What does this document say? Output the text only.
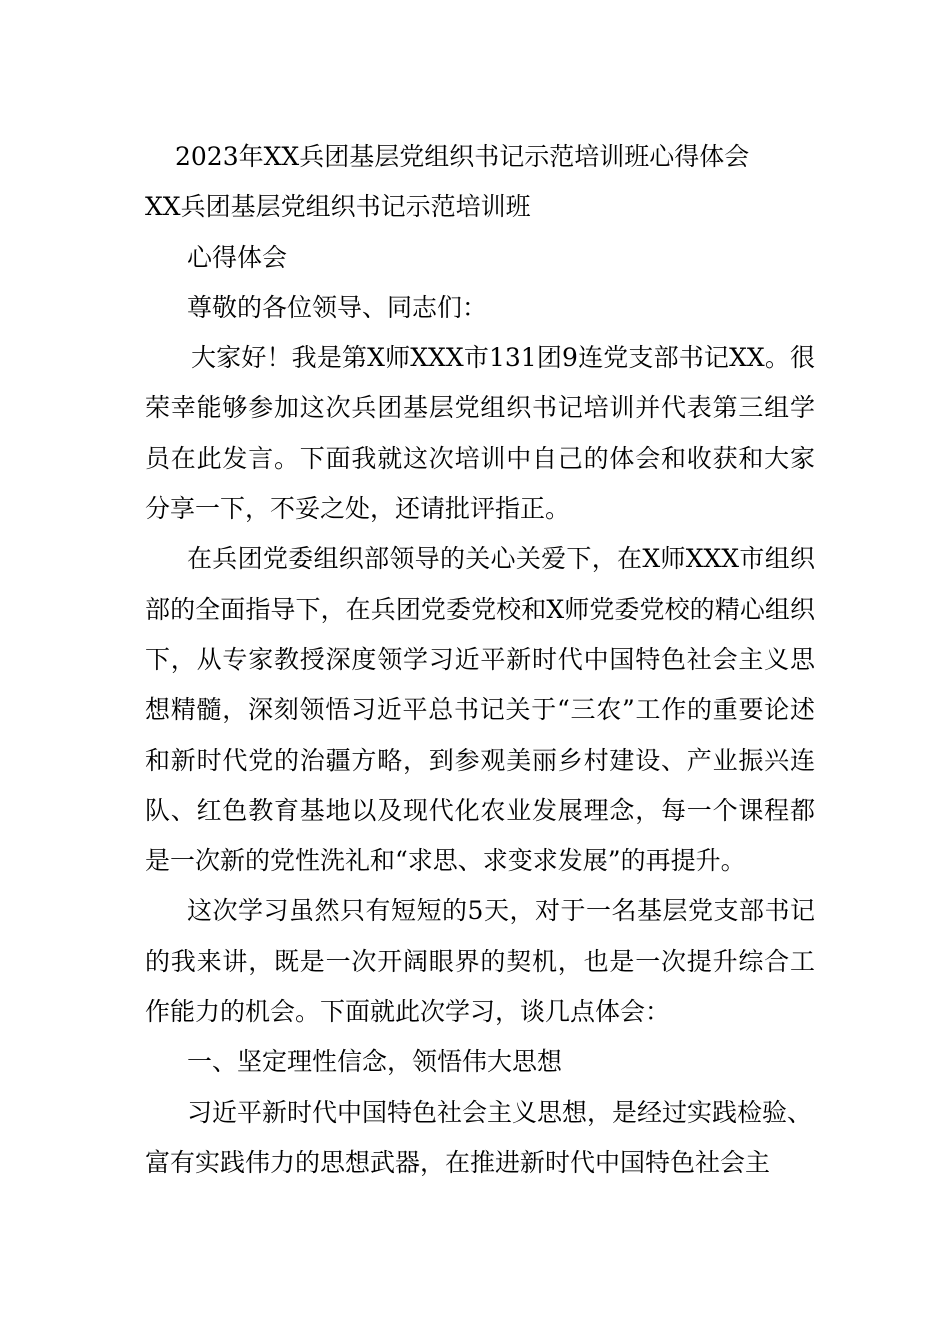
2023年XX兵团基层党组织书记示范培训班心得体会

XX兵团基层党组织书记示范培训班

心得体会

尊敬的各位领导、同志们：

大家好！我是第X师XXX市131团9连党支部书记XX。很荣幸能够参加这次兵团基层党组织书记培训并代表第三组学员在此发言。下面我就这次培训中自己的体会和收获和大家分享一下，不妥之处，还请批评指正。

在兵团党委组织部领导的关心关爱下，在X师XXX市组织部的全面指导下，在兵团党委党校和X师党委党校的精心组织下，从专家教授深度领学习近平新时代中国特色社会主义思想精髓，深刻领悟习近平总书记关于“三农”工作的重要论述和新时代党的治疆方略，到参观美丽乡村建设、产业振兴连队、红色教育基地以及现代化农业发展理念，每一个课程都是一次新的党性洗礼和“求思、求变求发展”的再提升。

这次学习虽然只有短短的5天，对于一名基层党支部书记的我来讲，既是一次开阔眼界的契机，也是一次提升综合工作能力的机会。下面就此次学习，谈几点体会：

一、坚定理性信念，领悟伟大思想

习近平新时代中国特色社会主义思想，是经过实践检验、

富有实践伟力的思想武器，在推进新时代中国特色社会主
